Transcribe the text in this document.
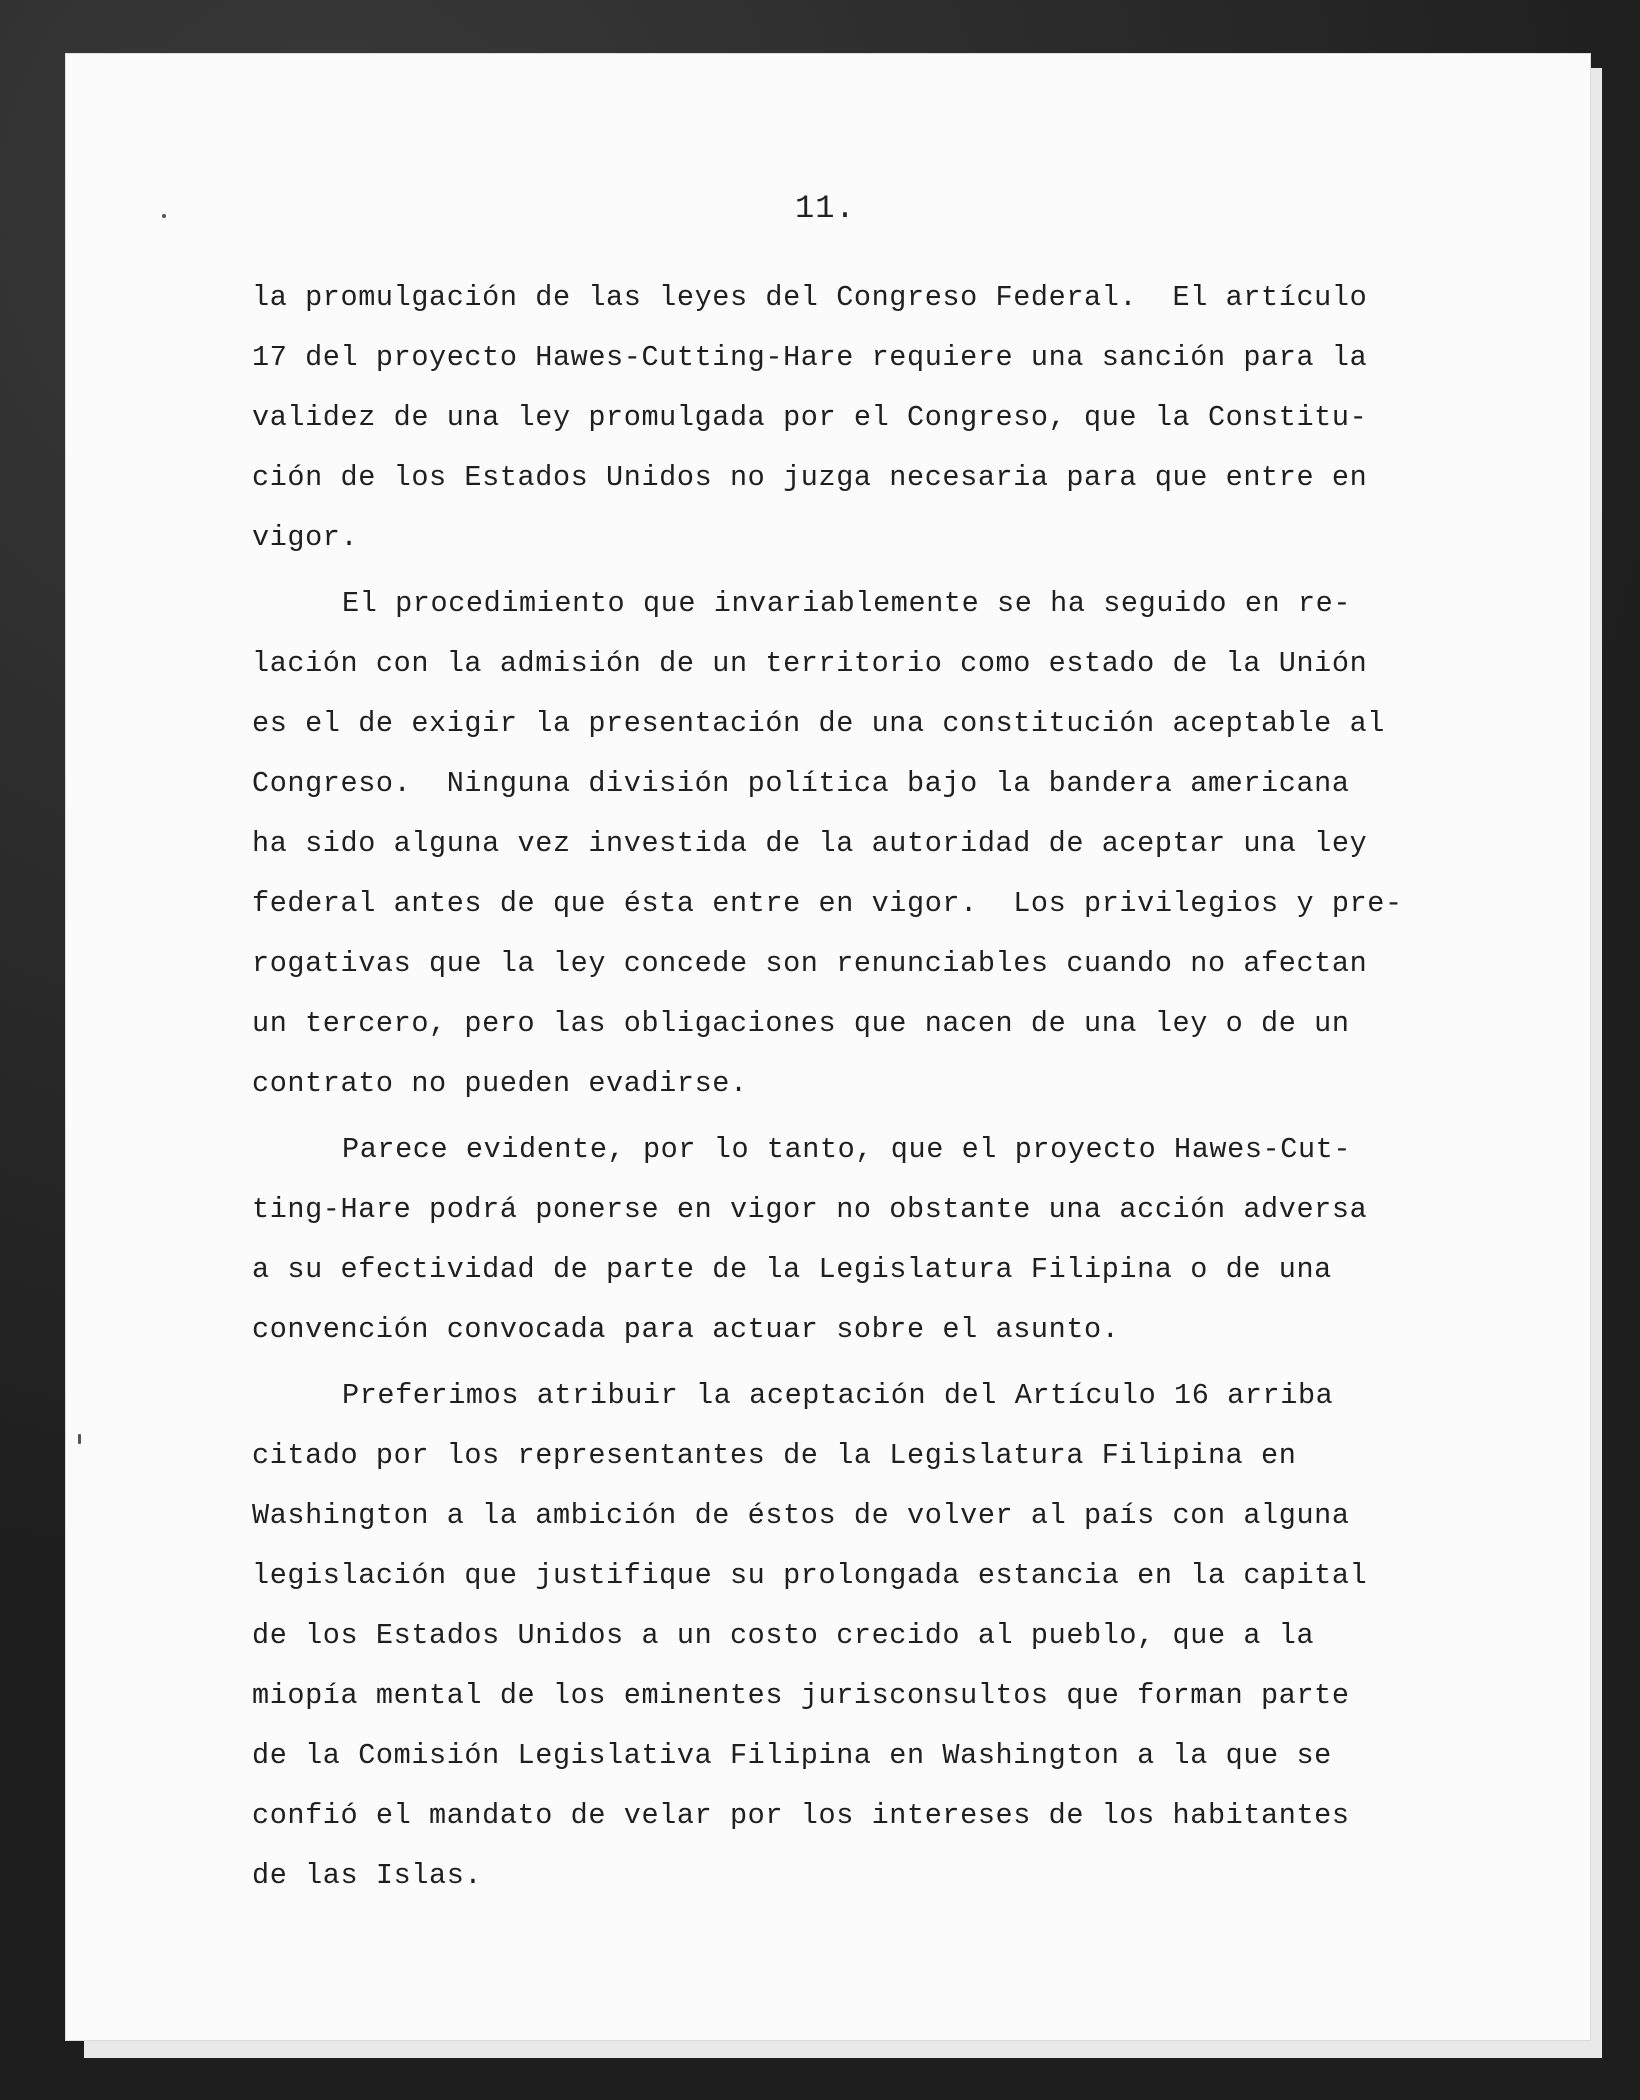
11.
la promulgación de las leyes del Congreso Federal.  El artículo
17 del proyecto Hawes-Cutting-Hare requiere una sanción para la
validez de una ley promulgada por el Congreso, que la Constitu-
ción de los Estados Unidos no juzga necesaria para que entre en
vigor.
El procedimiento que invariablemente se ha seguido en re-
lación con la admisión de un territorio como estado de la Unión
es el de exigir la presentación de una constitución aceptable al
Congreso.  Ninguna división política bajo la bandera americana
ha sido alguna vez investida de la autoridad de aceptar una ley
federal antes de que ésta entre en vigor.  Los privilegios y pre-
rogativas que la ley concede son renunciables cuando no afectan
un tercero, pero las obligaciones que nacen de una ley o de un
contrato no pueden evadirse.
Parece evidente, por lo tanto, que el proyecto Hawes-Cut-
ting-Hare podrá ponerse en vigor no obstante una acción adversa
a su efectividad de parte de la Legislatura Filipina o de una
convención convocada para actuar sobre el asunto.
Preferimos atribuir la aceptación del Artículo 16 arriba
citado por los representantes de la Legislatura Filipina en
Washington a la ambición de éstos de volver al país con alguna
legislación que justifique su prolongada estancia en la capital
de los Estados Unidos a un costo crecido al pueblo, que a la
miopía mental de los eminentes jurisconsultos que forman parte
de la Comisión Legislativa Filipina en Washington a la que se
confió el mandato de velar por los intereses de los habitantes
de las Islas.
